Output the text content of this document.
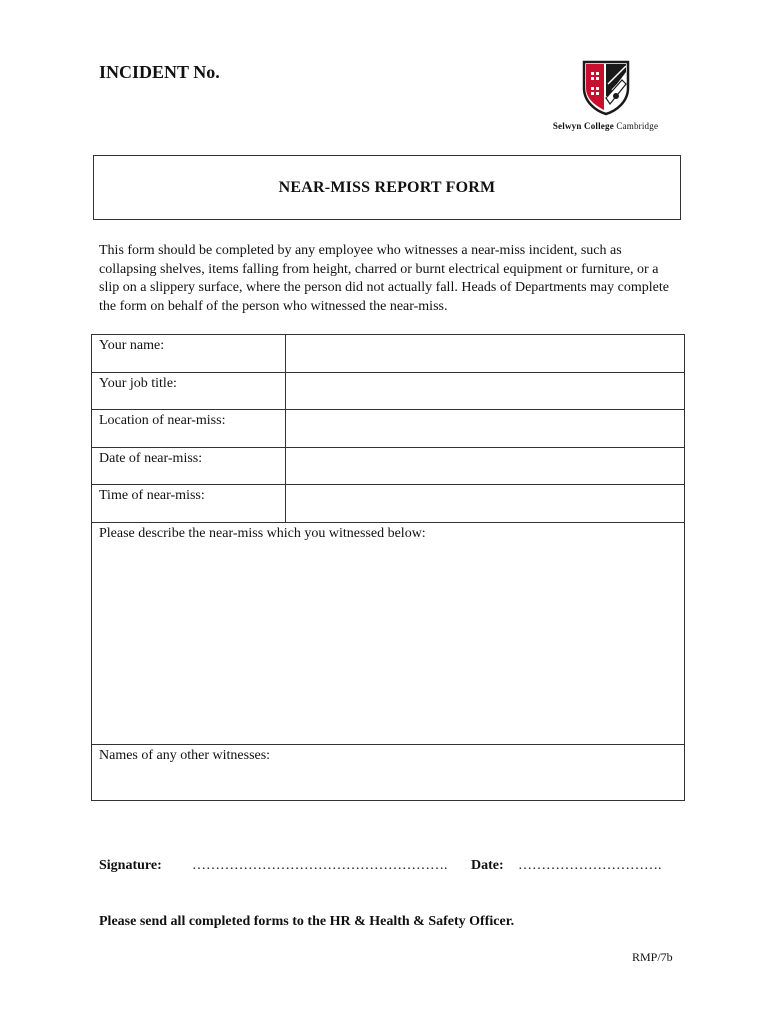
INCIDENT No.
Selwyn College Cambridge
NEAR-MISS REPORT FORM
This form should be completed by any employee who witnesses a near-miss incident, such as collapsing shelves, items falling from height, charred or burnt electrical equipment or furniture, or a slip on a slippery surface, where the person did not actually fall. Heads of Departments may complete the form on behalf of the person who witnessed the near-miss.
Your name:
Your job title:
Location of near-miss:
Date of near-miss:
Time of near-miss:
Please describe the near-miss which you witnessed below:
Names of any other witnesses:
Signature: ………………………………………………. Date: ………………………….
Please send all completed forms to the HR & Health & Safety Officer.
RMP/7b
